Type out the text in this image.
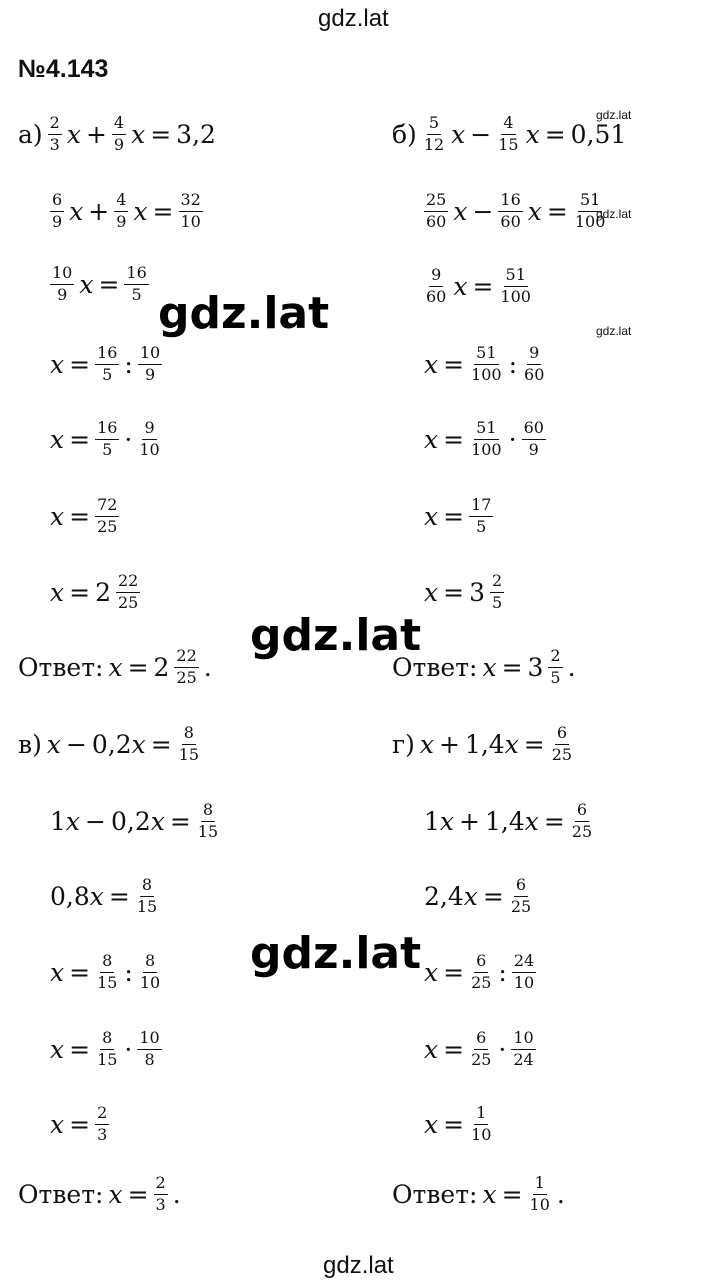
gdz.lat
№4.143
$а) \frac{2}{3}$ $x + \frac{4}{9}$ x = 3,2
$\frac{6}{9}$ $x + \frac{4}{9}$ $x = \frac{32}{10}$
$\frac{10}{9}$ $x = \frac{16}{5}$
$x = \frac{16}{5}$ : $\frac{10}{9}$
$x = \frac{16}{5} \cdot \frac{9}{10}$
$x = \frac{72}{25}$
$x = 2 \frac{22}{25}$
Ответ: $x = 2 \frac{22}{25}$ .
$б) \frac{5}{12}$ $x - \frac{4}{15}$ x = 0,51
$\frac{25}{60}$ $x - \frac{16}{60}$ $x = \frac{51}{100}$
$\frac{9}{60}$ $x = \frac{51}{100}$
$x = \frac{51}{100}$ : $\frac{9}{60}$
$x = \frac{51}{100} \cdot \frac{60}{9}$
$x = \frac{17}{5}$
$x = 3 \frac{2}{5}$
Ответ: $x = 3 \frac{2}{5}$ .
в) x − 0,2 $x = \frac{8}{15}$
1 x − 0,2 $x = \frac{8}{15}$
0,8 $x = \frac{8}{15}$
$x = \frac{8}{15}$ : $\frac{8}{10}$
$x = \frac{8}{15} \cdot \frac{10}{8}$
$x = \frac{2}{3}$
Ответ: $x = \frac{2}{3}$ .
г) x + 1,4 $x = \frac{6}{25}$
1 x + 1,4 $x = \frac{6}{25}$
2,4 $x = \frac{6}{25}$
$x = \frac{6}{25}$ : $\frac{24}{10}$
$x = \frac{6}{25} \cdot \frac{10}{24}$
$x = \frac{1}{10}$
Ответ: $x = \frac{1}{10}$ .
gdz.lat
gdz.lat
gdz.lat
gdz.lat
gdz.lat
gdz.lat
gdz.lat
